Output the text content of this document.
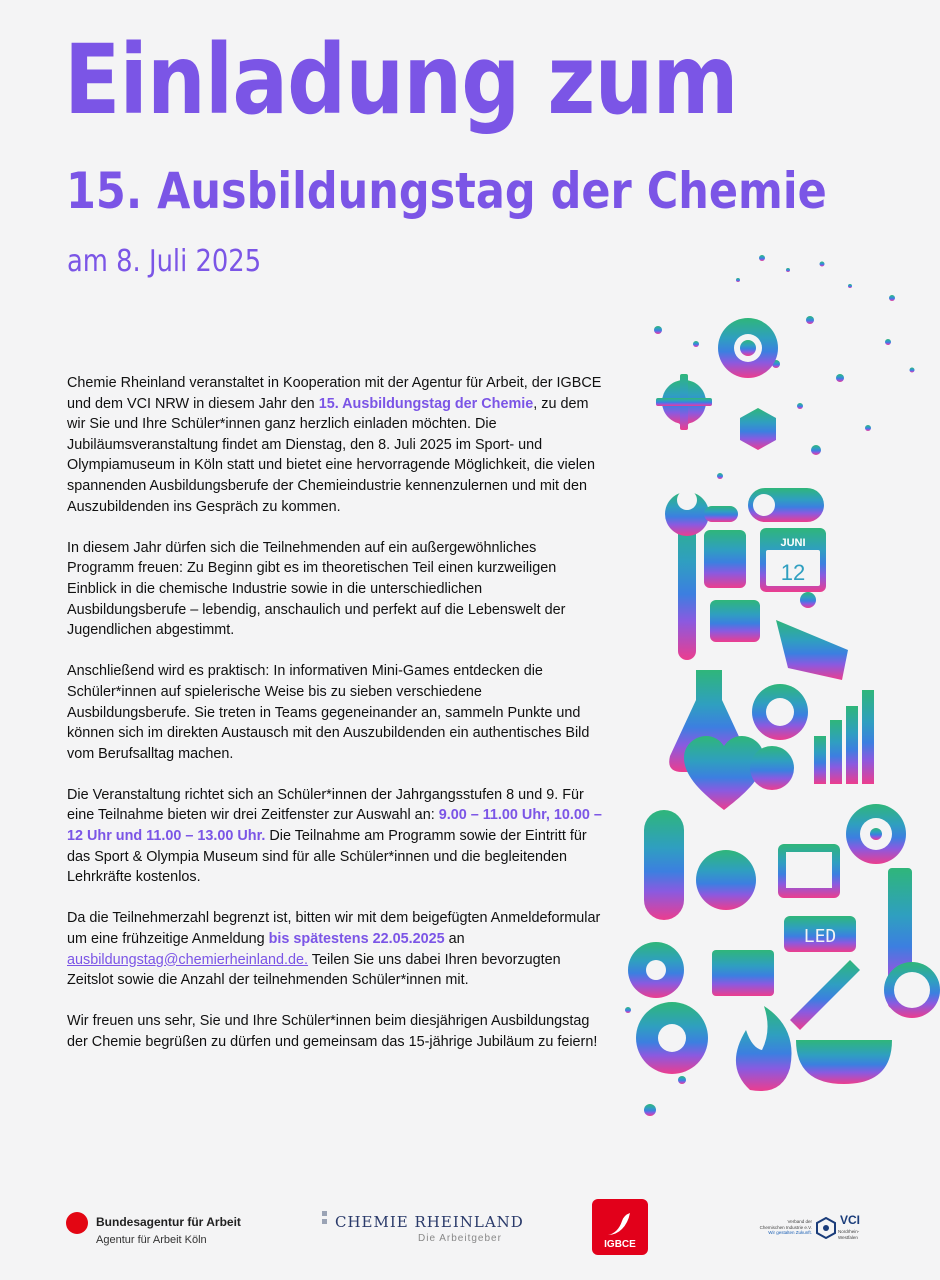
Einladung zum
15. Ausbildungstag der Chemie
am 8. Juli 2025

Chemie Rheinland veranstaltet in Kooperation mit der Agentur für Arbeit, der IGBCE und dem VCI NRW in diesem Jahr den 15. Ausbildungstag der Chemie, zu dem wir Sie und Ihre Schüler*innen ganz herzlich einladen möchten. Die Jubiläumsveranstaltung findet am Dienstag, den 8. Juli 2025 im Sport- und Olympiamuseum in Köln statt und bietet eine hervorragende Möglichkeit, die vielen spannenden Ausbildungsberufe der Chemieindustrie kennenzulernen und mit den Auszubildenden ins Gespräch zu kommen.

In diesem Jahr dürfen sich die Teilnehmenden auf ein außergewöhnliches Programm freuen: Zu Beginn gibt es im theoretischen Teil einen kurzweiligen Einblick in die chemische Industrie sowie in die unterschiedlichen Ausbildungsberufe – lebendig, anschaulich und perfekt auf die Lebenswelt der Jugendlichen abgestimmt.

Anschließend wird es praktisch: In informativen Mini-Games entdecken die Schüler*innen auf spielerische Weise bis zu sieben verschiedene Ausbildungsberufe. Sie treten in Teams gegeneinander an, sammeln Punkte und können sich im direkten Austausch mit den Auszubildenden ein authentisches Bild vom Berufsalltag machen.

Die Veranstaltung richtet sich an Schüler*innen der Jahrgangsstufen 8 und 9. Für eine Teilnahme bieten wir drei Zeitfenster zur Auswahl an: 9.00 – 11.00 Uhr, 10.00 – 12 Uhr und 11.00 – 13.00 Uhr. Die Teilnahme am Programm sowie der Eintritt für das Sport & Olympia Museum sind für alle Schüler*innen und die begleitenden Lehrkräfte kostenlos.

Da die Teilnehmerzahl begrenzt ist, bitten wir mit dem beigefügten Anmeldeformular um eine frühzeitige Anmeldung bis spätestens 22.05.2025 an ausbildungstag@chemierheinland.de. Teilen Sie uns dabei Ihren bevorzugten Zeitslot sowie die Anzahl der teilnehmenden Schüler*innen mit.

Wir freuen uns sehr, Sie und Ihre Schüler*innen beim diesjährigen Ausbildungstag der Chemie begrüßen zu dürfen und gemeinsam das 15-jährige Jubiläum zu feiern!

JUNI
12
LED
Bundesagentur für Arbeit
Agentur für Arbeit Köln
CHEMIE RHEINLAND
Die Arbeitgeber
IGBCE
Verband der
Chemischen Industrie e.V.
Wir gestalten Zukunft.
VCI
Nordrhein-
Westfalen
